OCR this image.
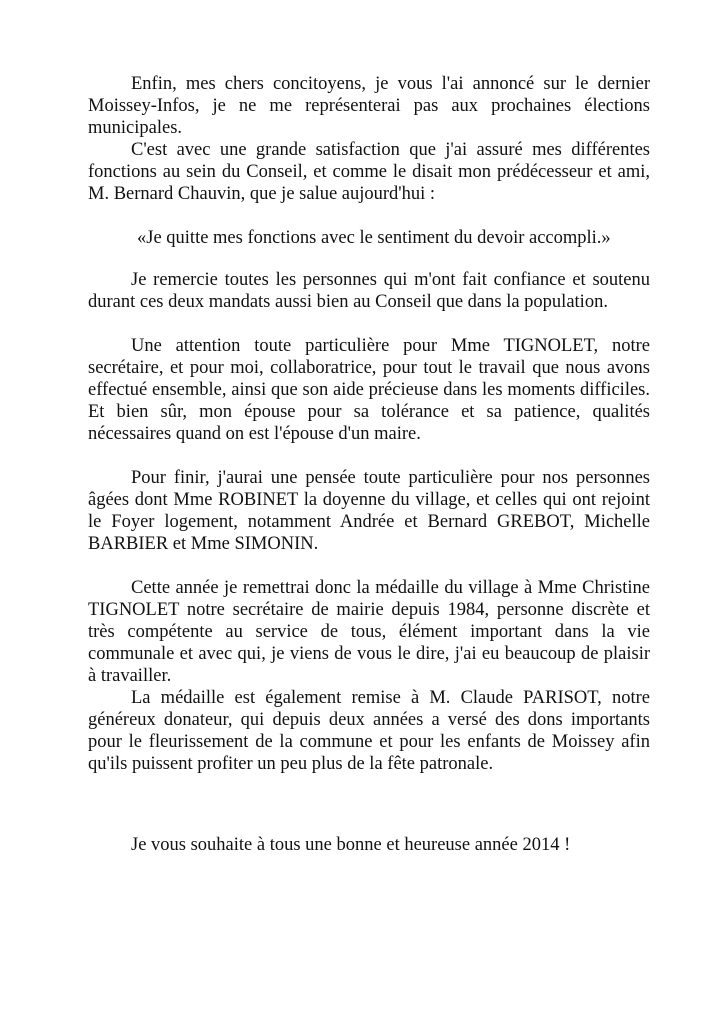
Enfin, mes chers concitoyens, je vous l'ai annoncé sur le dernier Moissey-Infos, je ne me représenterai pas aux prochaines élections municipales.

C'est avec une grande satisfaction que j'ai assuré mes différentes fonctions au sein du Conseil, et comme le disait mon prédécesseur et ami, M. Bernard Chauvin, que je salue aujourd'hui :

«Je quitte mes fonctions avec le sentiment du devoir accompli.»

Je remercie toutes les personnes qui m'ont fait confiance et soutenu durant ces deux mandats aussi bien au Conseil que dans la population.

Une attention toute particulière pour Mme TIGNOLET, notre secrétaire, et pour moi, collaboratrice, pour tout le travail que nous avons effectué ensemble, ainsi que son aide précieuse dans les moments difficiles. Et bien sûr, mon épouse pour sa tolérance et sa patience, qualités nécessaires quand on est l'épouse d'un maire.

Pour finir, j'aurai une pensée toute particulière pour nos personnes âgées dont Mme ROBINET la doyenne du village, et celles qui ont rejoint le Foyer logement, notamment Andrée et Bernard GREBOT, Michelle BARBIER et Mme SIMONIN.

Cette année je remettrai donc la médaille du village à Mme Christine TIGNOLET notre secrétaire de mairie depuis 1984, personne discrète et très compétente au service de tous, élément important dans la vie communale et avec qui, je viens de vous le dire, j'ai eu beaucoup de plaisir à travailler.

La médaille est également remise à M. Claude PARISOT, notre généreux donateur, qui depuis deux années a versé des dons importants pour le fleurissement de la commune et pour les enfants de Moissey afin qu'ils puissent profiter un peu plus de la fête patronale.

Je vous souhaite à tous une bonne et heureuse année 2014 !
